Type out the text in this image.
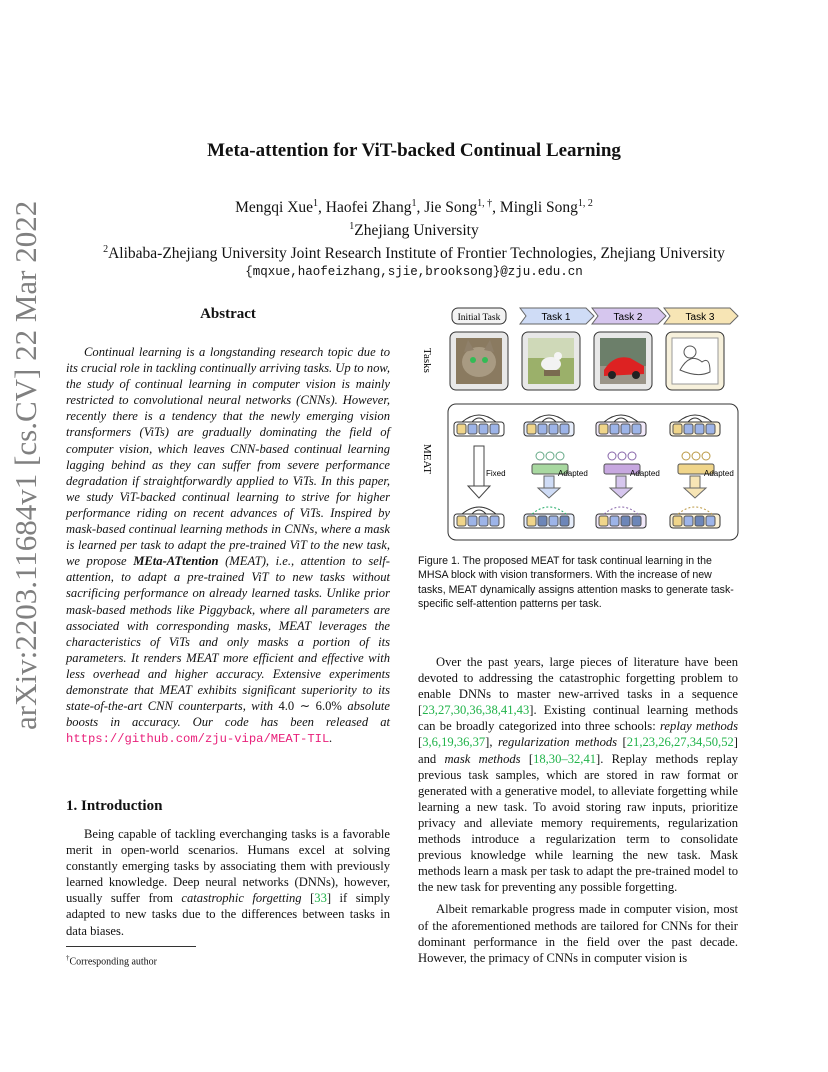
arXiv:2203.11684v1 [cs.CV] 22 Mar 2022
Meta-attention for ViT-backed Continual Learning
Mengqi Xue$^1$, Haofei Zhang$^1$, Jie Song$^{1, \dagger}$, Mingli Song$^{1, 2}$
$^1$Zhejiang University
$^2$Alibaba-Zhejiang University Joint Research Institute of Frontier Technologies, Zhejiang University
{mqxue,haofeizhang,sjie,brooksong}@zju.edu.cn
Abstract

Continual learning is a longstanding research topic due to its crucial role in tackling continually arriving tasks. Up to now, the study of continual learning in computer vision is mainly restricted to convolutional neural networks (CNNs). However, recently there is a tendency that the newly emerging vision transformers (ViTs) are gradually dominating the field of computer vision, which leaves CNN-based continual learning lagging behind as they can suffer from severe performance degradation if straightforwardly applied to ViTs. In this paper, we study ViT-backed continual learning to strive for higher performance riding on recent advances of ViTs. Inspired by mask-based continual learning methods in CNNs, where a mask is learned per task to adapt the pre-trained ViT to the new task, we propose MEta-ATtention (MEAT), i.e., attention to self-attention, to adapt a pre-trained ViT to new tasks without sacrificing performance on already learned tasks. Unlike prior mask-based methods like Piggyback, where all parameters are associated with corresponding masks, MEAT leverages the characteristics of ViTs and only masks a portion of its parameters. It renders MEAT more efficient and effective with less overhead and higher accuracy. Extensive experiments demonstrate that MEAT exhibits significant superiority to its state-of-the-art CNN counterparts, with 4.0 ∼ 6.0% absolute boosts in accuracy. Our code has been released at https://github.com/zju-vipa/MEAT-TIL.

1. Introduction

Being capable of tackling everchanging tasks is a favorable merit in open-world scenarios. Humans excel at solving constantly emerging tasks by associating them with previously learned knowledge. Deep neural networks (DNNs), however, usually suffer from catastrophic forgetting [33] if simply adapted to new tasks due to the differences between tasks in data biases.

†Corresponding author
Tasks
MEAT
Initial Task	Task 1	Task 2	Task 3
Fixed	Adapted	Adapted	Adapted
Figure 1. The proposed MEAT for task continual learning in the MHSA block with vision transformers. With the increase of new tasks, MEAT dynamically assigns attention masks to generate task-specific self-attention patterns per task.

Over the past years, large pieces of literature have been devoted to addressing the catastrophic forgetting problem to enable DNNs to master new-arrived tasks in a sequence [23,27,30,36,38,41,43]. Existing continual learning methods can be broadly categorized into three schools: replay methods [3,6,19,36,37], regularization methods [21,23,26,27,34,50,52] and mask methods [18,30–32,41]. Replay methods replay previous task samples, which are stored in raw format or generated with a generative model, to alleviate forgetting while learning a new task. To avoid storing raw inputs, prioritize privacy and alleviate memory requirements, regularization methods introduce a regularization term to consolidate previous knowledge while learning the new task. Mask methods learn a mask per task to adapt the pre-trained model to the new task for preventing any possible forgetting.

Albeit remarkable progress made in computer vision, most of the aforementioned methods are tailored for CNNs for their dominant performance in the field over the past decade. However, the primacy of CNNs in computer vision is
